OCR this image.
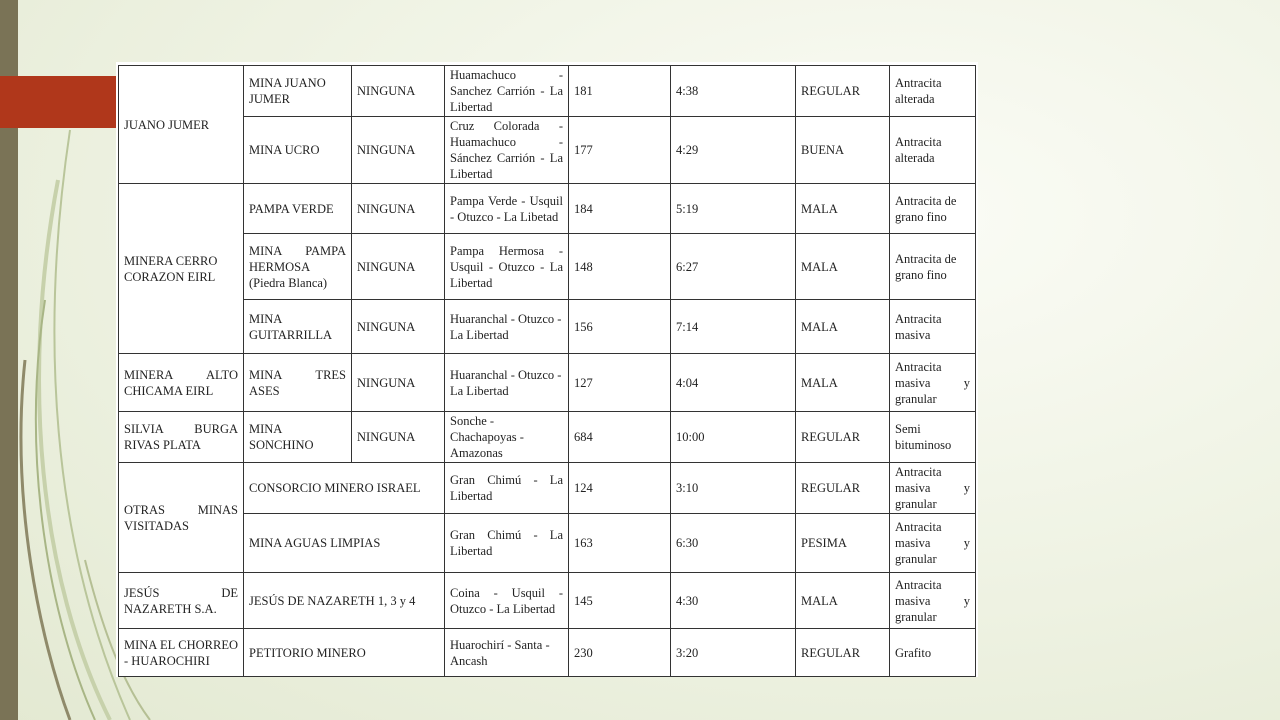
JUANO JUMER	MINA JUANO JUMER	NINGUNA	Huamachuco - Sanchez Carrión - La Libertad	181	4:38	REGULAR	Antracita alterada
	MINA UCRO	NINGUNA	Cruz Colorada - Huamachuco - Sánchez Carrión - La Libertad	177	4:29	BUENA	Antracita alterada
MINERA CERRO CORAZON EIRL	PAMPA VERDE	NINGUNA	Pampa Verde - Usquil - Otuzco - La Libetad	184	5:19	MALA	Antracita de grano fino
	MINA PAMPA HERMOSA (Piedra Blanca)	NINGUNA	Pampa Hermosa - Usquil - Otuzco - La Libertad	148	6:27	MALA	Antracita de grano fino
	MINA GUITARRILLA	NINGUNA	Huaranchal - Otuzco - La Libertad	156	7:14	MALA	Antracita masiva
MINERA ALTO CHICAMA EIRL	MINA TRES ASES	NINGUNA	Huaranchal - Otuzco - La Libertad	127	4:04	MALA	Antracita masiva y granular
SILVIA BURGA RIVAS PLATA	MINA SONCHINO	NINGUNA	Sonche - Chachapoyas - Amazonas	684	10:00	REGULAR	Semi bituminoso
OTRAS MINAS VISITADAS	CONSORCIO MINERO ISRAEL		Gran Chimú - La Libertad	124	3:10	REGULAR	Antracita masiva y granular
	MINA AGUAS LIMPIAS		Gran Chimú - La Libertad	163	6:30	PESIMA	Antracita masiva y granular
JESÚS DE NAZARETH S.A.	JESÚS DE NAZARETH 1, 3 y 4		Coina - Usquil - Otuzco - La Libertad	145	4:30	MALA	Antracita masiva y granular
MINA EL CHORREO - HUAROCHIRI	PETITORIO MINERO		Huarochirí - Santa - Ancash	230	3:20	REGULAR	Grafito
